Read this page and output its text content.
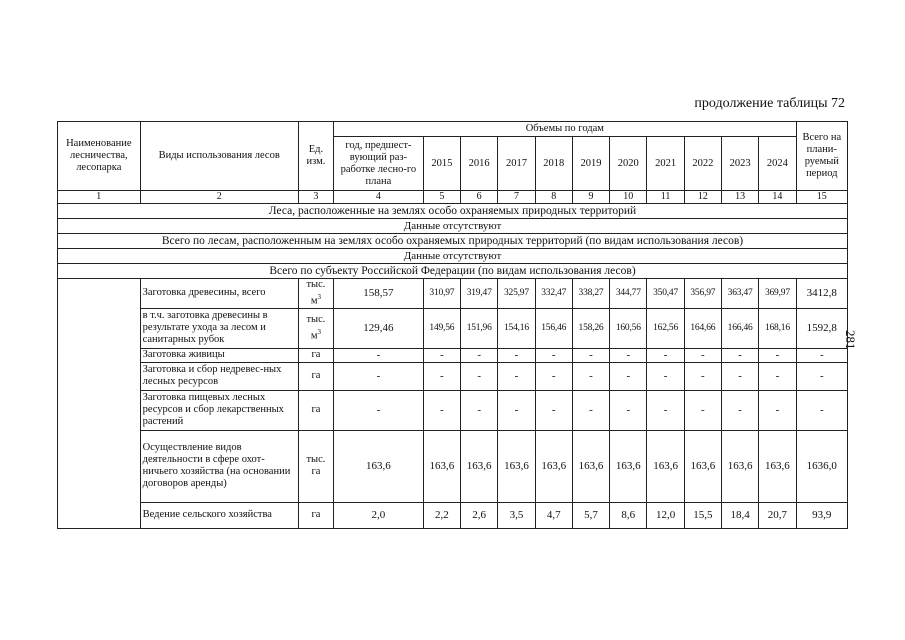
продолжение таблицы 72
281
Наименование лесничества, лесопарка	Виды использования лесов	Ед. изм.	Объемы по годам											Всего на плани-руемый период
			год, предшест-вующий раз-работке лесно-го плана	2015	2016	2017	2018	2019	2020	2021	2022	2023	2024	
1	2	3	4	5	6	7	8	9	10	11	12	13	14	15
Леса, расположенные на землях особо охраняемых природных территорий														
Данные отсутствуют														
Всего по лесам, расположенным на землях особо охраняемых природных территорий (по видам использования лесов)														
Данные отсутствуют														
Всего по субъекту Российской Федерации (по видам использования лесов)														
	Заготовка древесины, всего	тыс. $м^3$	158,57	310,97	319,47	325,97	332,47	338,27	344,77	350,47	356,97	363,47	369,97	3412,8
	в т.ч. заготовка древесины в результате ухода за лесом и санитарных рубок	тыс. $м^3$	129,46	149,56	151,96	154,16	156,46	158,26	160,56	162,56	164,66	166,46	168,16	1592,8
	Заготовка живицы	га	-	-	-	-	-	-	-	-	-	-	-	-
	Заготовка и сбор недревес-ных лесных ресурсов	га	-	-	-	-	-	-	-	-	-	-	-	-
	Заготовка пищевых лесных ресурсов и сбор лекарственных растений	га	-	-	-	-	-	-	-	-	-	-	-	-
	Осуществление видов деятельности в сфере охот-ничьего хозяйства (на основании договоров аренды)	тыс. га	163,6	163,6	163,6	163,6	163,6	163,6	163,6	163,6	163,6	163,6	163,6	1636,0
	Ведение сельского хозяйства	га	2,0	2,2	2,6	3,5	4,7	5,7	8,6	12,0	15,5	18,4	20,7	93,9
